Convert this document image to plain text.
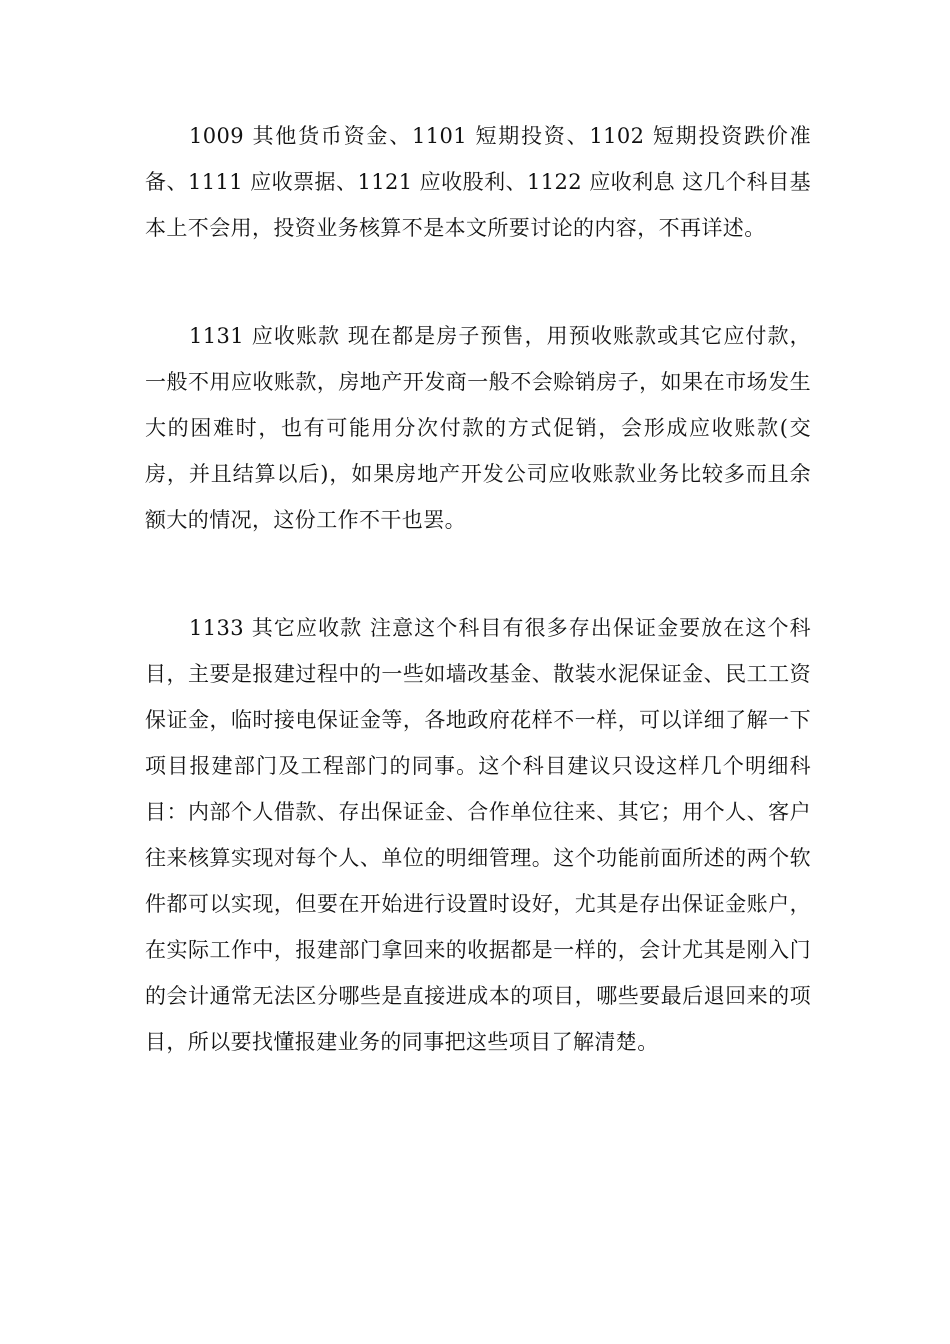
1009 其他货币资金、1101 短期投资、1102 短期投资跌价准备、1111 应收票据、1121 应收股利、1122 应收利息 这几个科目基本上不会用，投资业务核算不是本文所要讨论的内容，不再详述。

1131 应收账款 现在都是房子预售，用预收账款或其它应付款，一般不用应收账款，房地产开发商一般不会赊销房子，如果在市场发生大的困难时，也有可能用分次付款的方式促销，会形成应收账款(交房，并且结算以后)，如果房地产开发公司应收账款业务比较多而且余额大的情况，这份工作不干也罢。

1133 其它应收款 注意这个科目有很多存出保证金要放在这个科目，主要是报建过程中的一些如墙改基金、散装水泥保证金、民工工资保证金，临时接电保证金等，各地政府花样不一样，可以详细了解一下项目报建部门及工程部门的同事。这个科目建议只设这样几个明细科目：内部个人借款、存出保证金、合作单位往来、其它；用个人、客户往来核算实现对每个人、单位的明细管理。这个功能前面所述的两个软件都可以实现，但要在开始进行设置时设好，尤其是存出保证金账户，在实际工作中，报建部门拿回来的收据都是一样的，会计尤其是刚入门的会计通常无法区分哪些是直接进成本的项目，哪些要最后退回来的项目，所以要找懂报建业务的同事把这些项目了解清楚。
